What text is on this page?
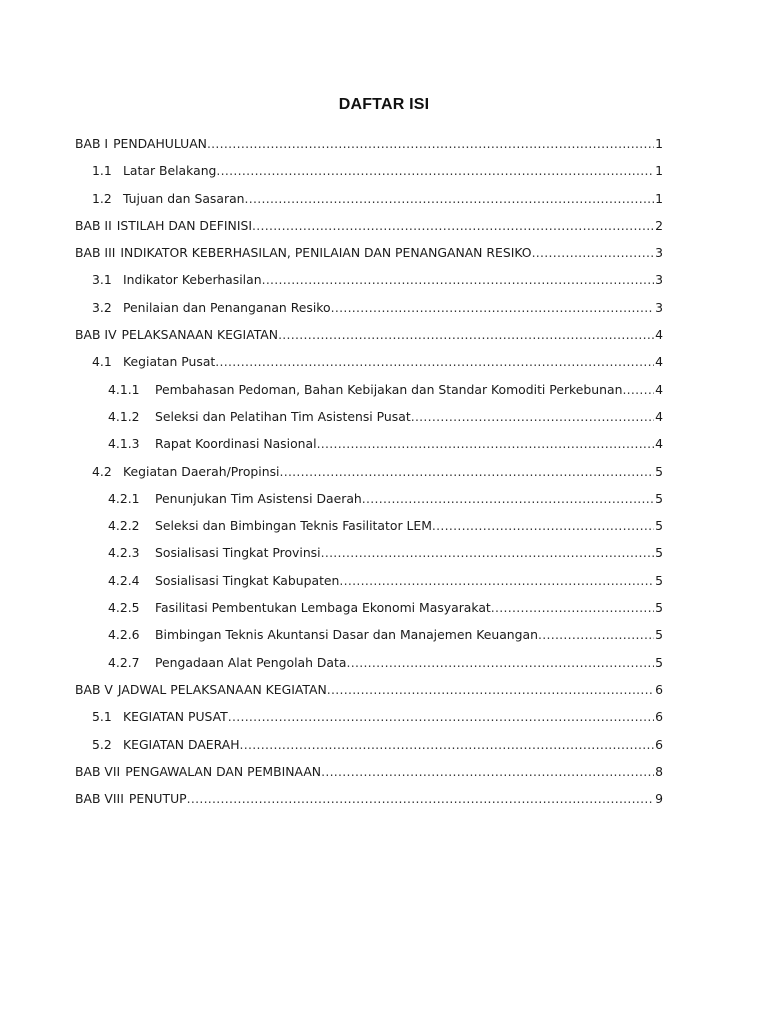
DAFTAR ISI
BAB I PENDAHULUAN .....	1
1.1 Latar Belakang .....	1
1.2 Tujuan dan Sasaran .....	1
BAB II ISTILAH DAN DEFINISI .....	2
BAB III INDIKATOR KEBERHASILAN, PENILAIAN DAN PENANGANAN RESIKO .....	3
3.1 Indikator Keberhasilan .....	3
3.2 Penilaian dan Penanganan Resiko .....	3
BAB IV PELAKSANAAN KEGIATAN .....	4
4.1 Kegiatan Pusat .....	4
4.1.1	Pembahasan Pedoman, Bahan Kebijakan dan Standar Komoditi Perkebunan .....	4
4.1.2	Seleksi dan Pelatihan Tim Asistensi Pusat .....	4
4.1.3	Rapat Koordinasi Nasional .....	4
4.2 Kegiatan Daerah/Propinsi .....	5
4.2.1	Penunjukan Tim Asistensi Daerah .....	5
4.2.2	Seleksi dan Bimbingan Teknis Fasilitator LEM .....	5
4.2.3	Sosialisasi Tingkat Provinsi .....	5
4.2.4	Sosialisasi Tingkat Kabupaten .....	5
4.2.5	Fasilitasi Pembentukan Lembaga Ekonomi Masyarakat .....	5
4.2.6	Bimbingan Teknis Akuntansi Dasar dan Manajemen Keuangan .....	5
4.2.7	Pengadaan Alat Pengolah Data .....	5
BAB V JADWAL PELAKSANAAN KEGIATAN .....	6
5.1 KEGIATAN PUSAT .....	6
5.2 KEGIATAN DAERAH .....	6
BAB VII PENGAWALAN DAN PEMBINAAN .....	8
BAB VIII PENUTUP .....	9
